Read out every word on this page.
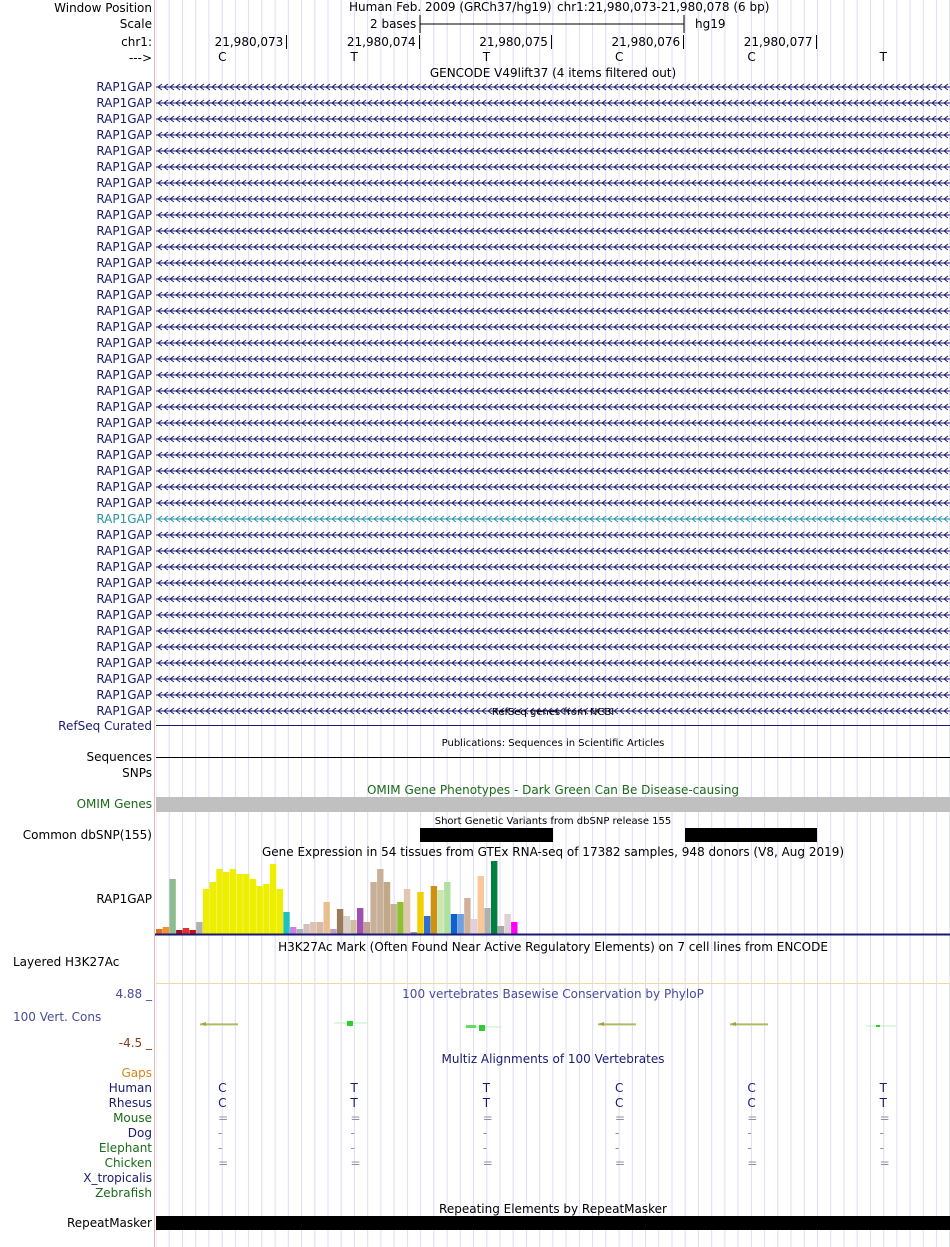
Window Position
Scale
chr1:
--->
Human Feb. 2009 (GRCh37/hg19) chr1:21,980,073-21,980,078 (6 bp)
2 bases	hg19
21,980,073	21,980,074	21,980,075	21,980,076	21,980,077
C	T	T	C	C	T
GENCODE V49lift37 (4 items filtered out)
RAP1GAP
RAP1GAP
RAP1GAP
RAP1GAP
RAP1GAP
RAP1GAP
RAP1GAP
RAP1GAP
RAP1GAP
RAP1GAP
RAP1GAP
RAP1GAP
RAP1GAP
RAP1GAP
RAP1GAP
RAP1GAP
RAP1GAP
RAP1GAP
RAP1GAP
RAP1GAP
RAP1GAP
RAP1GAP
RAP1GAP
RAP1GAP
RAP1GAP
RAP1GAP
RAP1GAP
RAP1GAP
RAP1GAP
RAP1GAP
RAP1GAP
RAP1GAP
RAP1GAP
RAP1GAP
RAP1GAP
RAP1GAP
RAP1GAP
RAP1GAP
RAP1GAP
RAP1GAP	RefSeq genes from NCBI
RefSeq Curated
Publications: Sequences in Scientific Articles
Sequences
SNPs
OMIM Gene Phenotypes - Dark Green Can Be Disease-causing
OMIM Genes
Short Genetic Variants from dbSNP release 155
Common dbSNP(155)
Gene Expression in 54 tissues from GTEx RNA-seq of 17382 samples, 948 donors (V8, Aug 2019)
RAP1GAP
H3K27Ac Mark (Often Found Near Active Regulatory Elements) on 7 cell lines from ENCODE
Layered H3K27Ac
100 vertebrates Basewise Conservation by PhyloP
4.88 _
100 Vert. Cons
-4.5 _
Multiz Alignments of 100 Vertebrates
Gaps
Human	C	T	T	C	C	T
Rhesus	C	T	T	C	C	T
Mouse	=	=	=	=	=	=
Dog	-	-	-	-	-	-
Elephant	-	-	-	-	-	-
Chicken	=	=	=	=	=	=
X_tropicalis
Zebrafish
Repeating Elements by RepeatMasker
RepeatMasker
